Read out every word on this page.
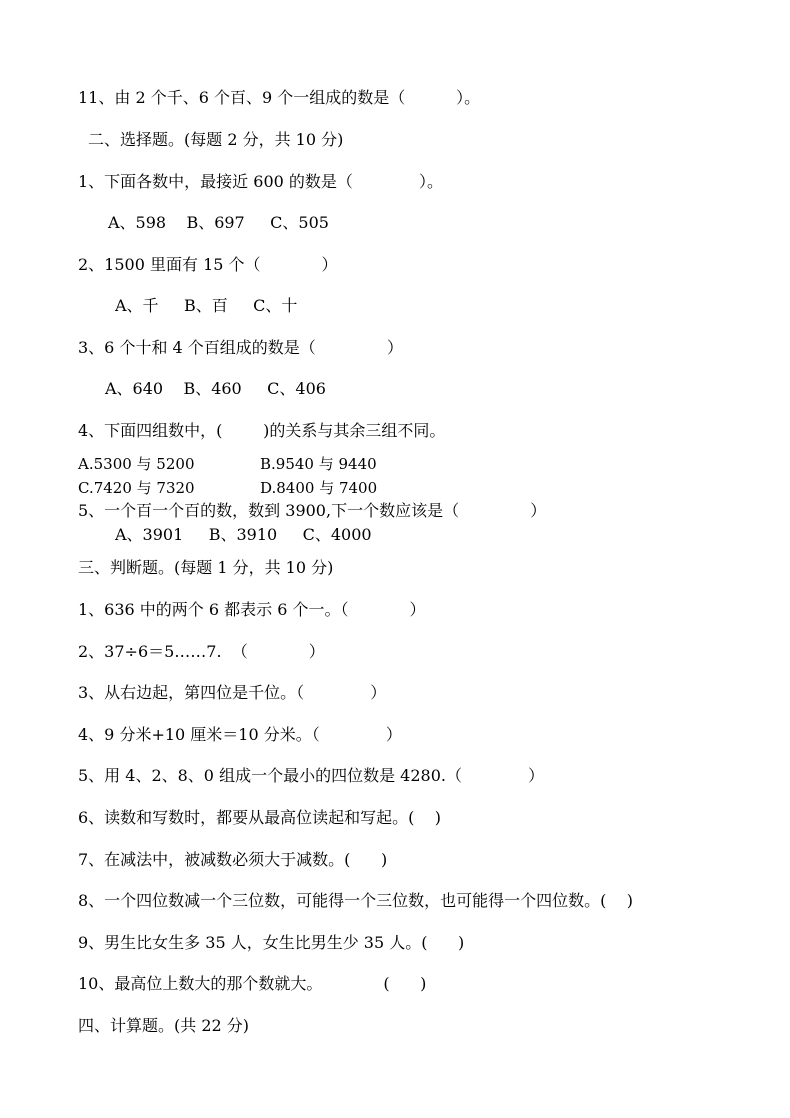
11、由 2 个千、6 个百、9 个一组成的数是（          ）。
二、选择题。(每题 2 分，共 10 分)
1、下面各数中，最接近 600 的数是（             ）。
A、598    B、697     C、505
2、1500 里面有 15 个（            ）
A、千     B、百     C、十
3、6 个十和 4 个百组成的数是（              ）
A、640    B、460     C、406
4、下面四组数中，(        )的关系与其余三组不同。
A.5300 与 5200	B.9540 与 9440
C.7420 与 7320	D.8400 与 7400
5、一个百一个百的数，数到 3900,下一个数应该是（              ）
A、3901     B、3910     C、4000
三、判断题。(每题 1 分，共 10 分)
1、636 中的两个 6 都表示 6 个一。（            ）
2、37÷6＝5……7.  （            ）
3、从右边起，第四位是千位。（             ）
4、9 分米+10 厘米＝10 分米。（             ）
5、用 4、2、8、0 组成一个最小的四位数是 4280.（             ）
6、读数和写数时，都要从最高位读起和写起。(    )
7、在减法中，被减数必须大于减数。(      )
8、一个四位数减一个三位数，可能得一个三位数，也可能得一个四位数。(    )
9、男生比女生多 35 人，女生比男生少 35 人。(      )
10、最高位上数大的那个数就大。            (      )
四、计算题。(共 22 分)
